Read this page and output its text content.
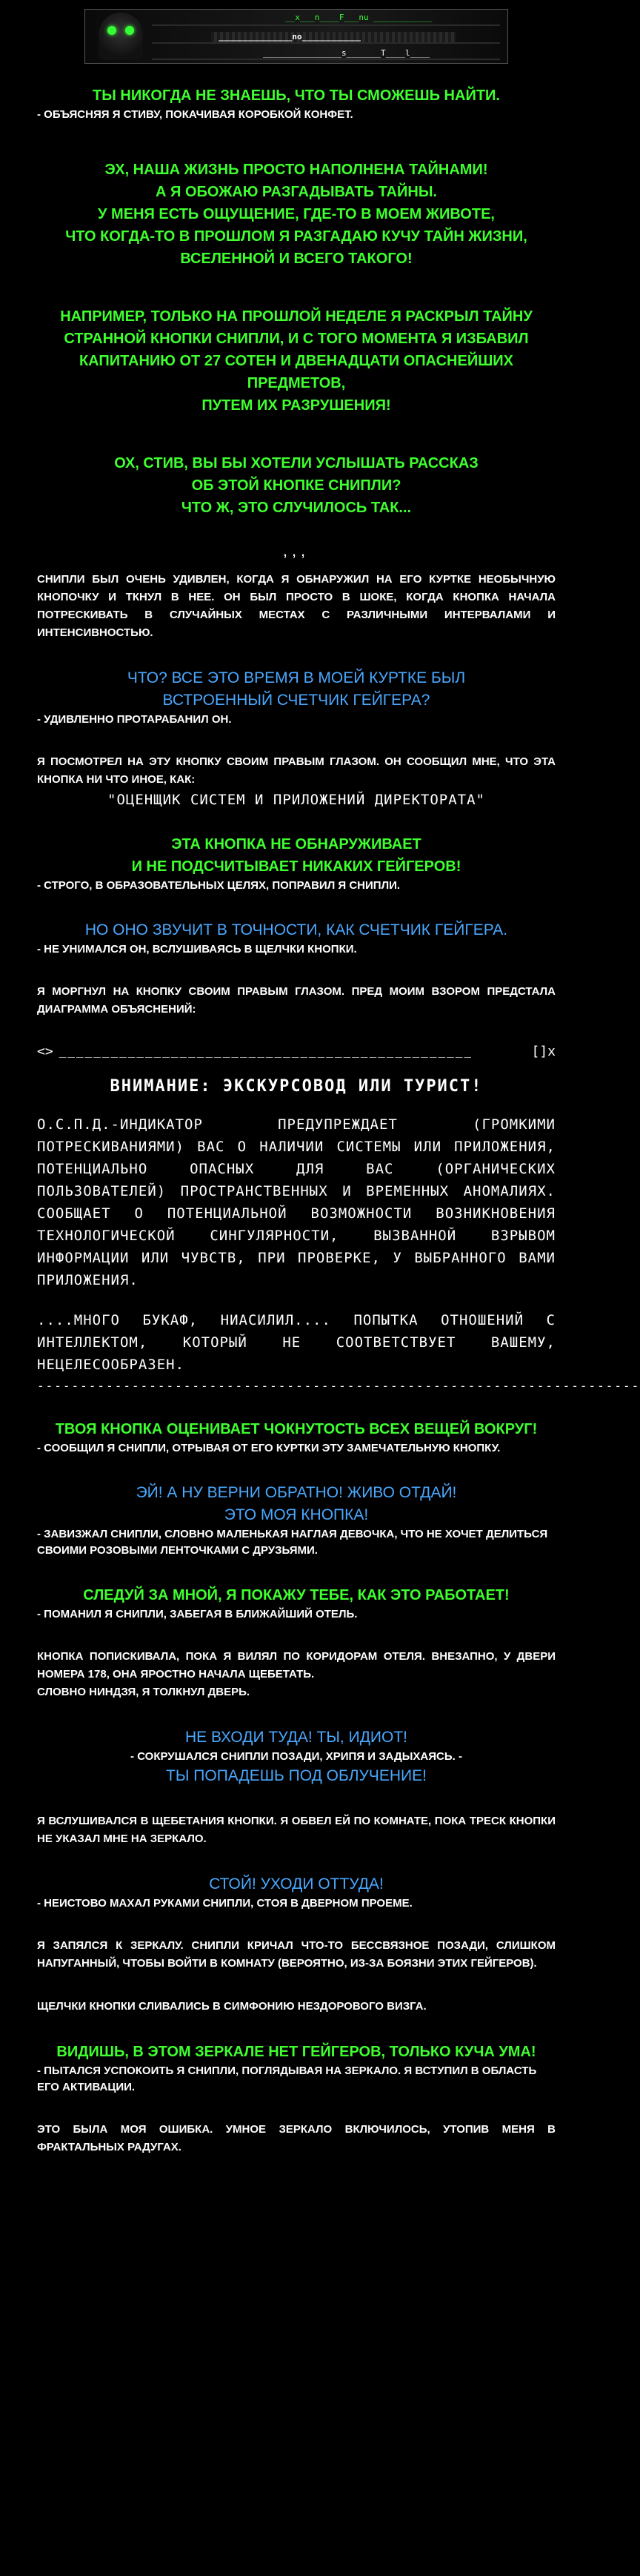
__x___n____F___nu ____________
_______________no____________
________________s_______T____l____

ТЫ НИКОГДА НЕ ЗНАЕШЬ, ЧТО ТЫ СМОЖЕШЬ НАЙТИ.

- ОБЪЯСНЯЯ Я СТИВУ, ПОКАЧИВАЯ КОРОБКОЙ КОНФЕТ.

ЭХ, НАША ЖИЗНЬ ПРОСТО НАПОЛНЕНА ТАЙНАМИ!

А Я ОБОЖАЮ РАЗГАДЫВАТЬ ТАЙНЫ.

У МЕНЯ ЕСТЬ ОЩУЩЕНИЕ, ГДЕ-ТО В МОЕМ ЖИВОТЕ,

ЧТО КОГДА-ТО В ПРОШЛОМ Я РАЗГАДАЮ КУЧУ ТАЙН ЖИЗНИ,

ВСЕЛЕННОЙ И ВСЕГО ТАКОГО!

НАПРИМЕР, ТОЛЬКО НА ПРОШЛОЙ НЕДЕЛЕ Я РАСКРЫЛ ТАЙНУ

СТРАННОЙ КНОПКИ СНИПЛИ, И С ТОГО МОМЕНТА Я ИЗБАВИЛ

КАПИТАНИЮ ОТ 27 СОТЕН И ДВЕНАДЦАТИ ОПАСНЕЙШИХ ПРЕДМЕТОВ,

ПУТЕМ ИХ РАЗРУШЕНИЯ!

ОХ, СТИВ, ВЫ БЫ ХОТЕЛИ УСЛЫШАТЬ РАССКАЗ

ОБ ЭТОЙ КНОПКЕ СНИПЛИ?

ЧТО Ж, ЭТО СЛУЧИЛОСЬ ТАК...

,,,

СНИПЛИ БЫЛ ОЧЕНЬ УДИВЛЕН, КОГДА Я ОБНАРУЖИЛ НА ЕГО КУРТКЕ НЕОБЫЧНУЮ КНОПОЧКУ И ТКНУЛ В НЕЕ. ОН БЫЛ ПРОСТО В ШОКЕ, КОГДА КНОПКА НАЧАЛА ПОТРЕСКИВАТЬ В СЛУЧАЙНЫХ МЕСТАХ С РАЗЛИЧНЫМИ ИНТЕРВАЛАМИ И ИНТЕНСИВНОСТЬЮ.

ЧТО? ВСЕ ЭТО ВРЕМЯ В МОЕЙ КУРТКЕ БЫЛ

ВСТРОЕННЫЙ СЧЕТЧИК ГЕЙГЕРА?

- УДИВЛЕННО ПРОТАРАБАНИЛ ОН.

Я ПОСМОТРЕЛ НА ЭТУ КНОПКУ СВОИМ ПРАВЫМ ГЛАЗОМ. ОН СООБЩИЛ МНЕ, ЧТО ЭТА КНОПКА НИ ЧТО ИНОЕ, КАК:

"ОЦЕНЩИК СИСТЕМ И ПРИЛОЖЕНИЙ ДИРЕКТОРАТА"

ЭТА КНОПКА НЕ ОБНАРУЖИВАЕТ

И НЕ ПОДСЧИТЫВАЕТ НИКАКИХ ГЕЙГЕРОВ!

- СТРОГО, В ОБРАЗОВАТЕЛЬНЫХ ЦЕЛЯХ, ПОПРАВИЛ Я СНИПЛИ.

НО ОНО ЗВУЧИТ В ТОЧНОСТИ, КАК СЧЕТЧИК ГЕЙГЕРА.

- НЕ УНИМАЛСЯ ОН, ВСЛУШИВАЯСЬ В ЩЕЛЧКИ КНОПКИ.

Я МОРГНУЛ НА КНОПКУ СВОИМ ПРАВЫМ ГЛАЗОМ. ПРЕД МОИМ ВЗОРОМ ПРЕДСТАЛА ДИАГРАММА ОБЪЯСНЕНИЙ:

<> ________________________________________________	[]x
ВНИМАНИЕ: ЭКСКУРСОВОД ИЛИ ТУРИСТ!

О.С.П.Д.-ИНДИКАТОР ПРЕДУПРЕЖДАЕТ (ГРОМКИМИ ПОТРЕСКИВАНИЯМИ) ВАС О НАЛИЧИИ СИСТЕМЫ ИЛИ ПРИЛОЖЕНИЯ, ПОТЕНЦИАЛЬНО ОПАСНЫХ ДЛЯ ВАС (ОРГАНИЧЕСКИХ ПОЛЬЗОВАТЕЛЕЙ) ПРОСТРАНСТВЕННЫХ И ВРЕМЕННЫХ АНОМАЛИЯХ. СООБЩАЕТ О ПОТЕНЦИАЛЬНОЙ ВОЗМОЖНОСТИ ВОЗНИКНОВЕНИЯ ТЕХНОЛОГИЧЕСКОЙ СИНГУЛЯРНОСТИ, ВЫЗВАННОЙ ВЗРЫВОМ ИНФОРМАЦИИ ИЛИ ЧУВСТВ, ПРИ ПРОВЕРКЕ, У ВЫБРАННОГО ВАМИ ПРИЛОЖЕНИЯ.

....МНОГО БУКАФ, НИАСИЛИЛ.... ПОПЫТКА ОТНОШЕНИЙ С ИНТЕЛЛЕКТОМ, КОТОРЫЙ НЕ СООТВЕТСТВУЕТ ВАШЕМУ, НЕЦЕЛЕСООБРАЗЕН.

----------------------------------------------------------------------

ТВОЯ КНОПКА ОЦЕНИВАЕТ ЧОКНУТОСТЬ ВСЕХ ВЕЩЕЙ ВОКРУГ!

- СООБЩИЛ Я СНИПЛИ, ОТРЫВАЯ ОТ ЕГО КУРТКИ ЭТУ ЗАМЕЧАТЕЛЬНУЮ КНОПКУ.

ЭЙ! А НУ ВЕРНИ ОБРАТНО! ЖИВО ОТДАЙ!

ЭТО МОЯ КНОПКА!

- ЗАВИЗЖАЛ СНИПЛИ, СЛОВНО МАЛЕНЬКАЯ НАГЛАЯ ДЕВОЧКА, ЧТО НЕ ХОЧЕТ ДЕЛИТЬСЯ СВОИМИ РОЗОВЫМИ ЛЕНТОЧКАМИ С ДРУЗЬЯМИ.

СЛЕДУЙ ЗА МНОЙ, Я ПОКАЖУ ТЕБЕ, КАК ЭТО РАБОТАЕТ!

- ПОМАНИЛ Я СНИПЛИ, ЗАБЕГАЯ В БЛИЖАЙШИЙ ОТЕЛЬ.

КНОПКА ПОПИСКИВАЛА, ПОКА Я ВИЛЯЛ ПО КОРИДОРАМ ОТЕЛЯ. ВНЕЗАПНО, У ДВЕРИ НОМЕРА 178, ОНА ЯРОСТНО НАЧАЛА ЩЕБЕТАТЬ.

СЛОВНО НИНДЗЯ, Я ТОЛКНУЛ ДВЕРЬ.

НЕ ВХОДИ ТУДА! ТЫ, ИДИОТ!

- СОКРУШАЛСЯ СНИПЛИ ПОЗАДИ, ХРИПЯ И ЗАДЫХАЯСЬ. -

ТЫ ПОПАДЕШЬ ПОД ОБЛУЧЕНИЕ!

Я ВСЛУШИВАЛСЯ В ЩЕБЕТАНИЯ КНОПКИ. Я ОБВЕЛ ЕЙ ПО КОМНАТЕ, ПОКА ТРЕСК КНОПКИ НЕ УКАЗАЛ МНЕ НА ЗЕРКАЛО.

СТОЙ! УХОДИ ОТТУДА!

- НЕИСТОВО МАХАЛ РУКАМИ СНИПЛИ, СТОЯ В ДВЕРНОМ ПРОЕМЕ.

Я ЗАПЯЛСЯ К ЗЕРКАЛУ. СНИПЛИ КРИЧАЛ ЧТО-ТО БЕССВЯЗНОЕ ПОЗАДИ, СЛИШКОМ НАПУГАННЫЙ, ЧТОБЫ ВОЙТИ В КОМНАТУ (ВЕРОЯТНО, ИЗ-ЗА БОЯЗНИ ЭТИХ ГЕЙГЕРОВ).

ЩЕЛЧКИ КНОПКИ СЛИВАЛИСЬ В СИМФОНИЮ НЕЗДОРОВОГО ВИЗГА.

ВИДИШЬ, В ЭТОМ ЗЕРКАЛЕ НЕТ ГЕЙГЕРОВ, ТОЛЬКО КУЧА УМА!

- ПЫТАЛСЯ УСПОКОИТЬ Я СНИПЛИ, ПОГЛЯДЫВАЯ НА ЗЕРКАЛО. Я ВСТУПИЛ В ОБЛАСТЬ ЕГО АКТИВАЦИИ.

ЭТО БЫЛА МОЯ ОШИБКА. УМНОЕ ЗЕРКАЛО ВКЛЮЧИЛОСЬ, УТОПИВ МЕНЯ В ФРАКТАЛЬНЫХ РАДУГАХ.
